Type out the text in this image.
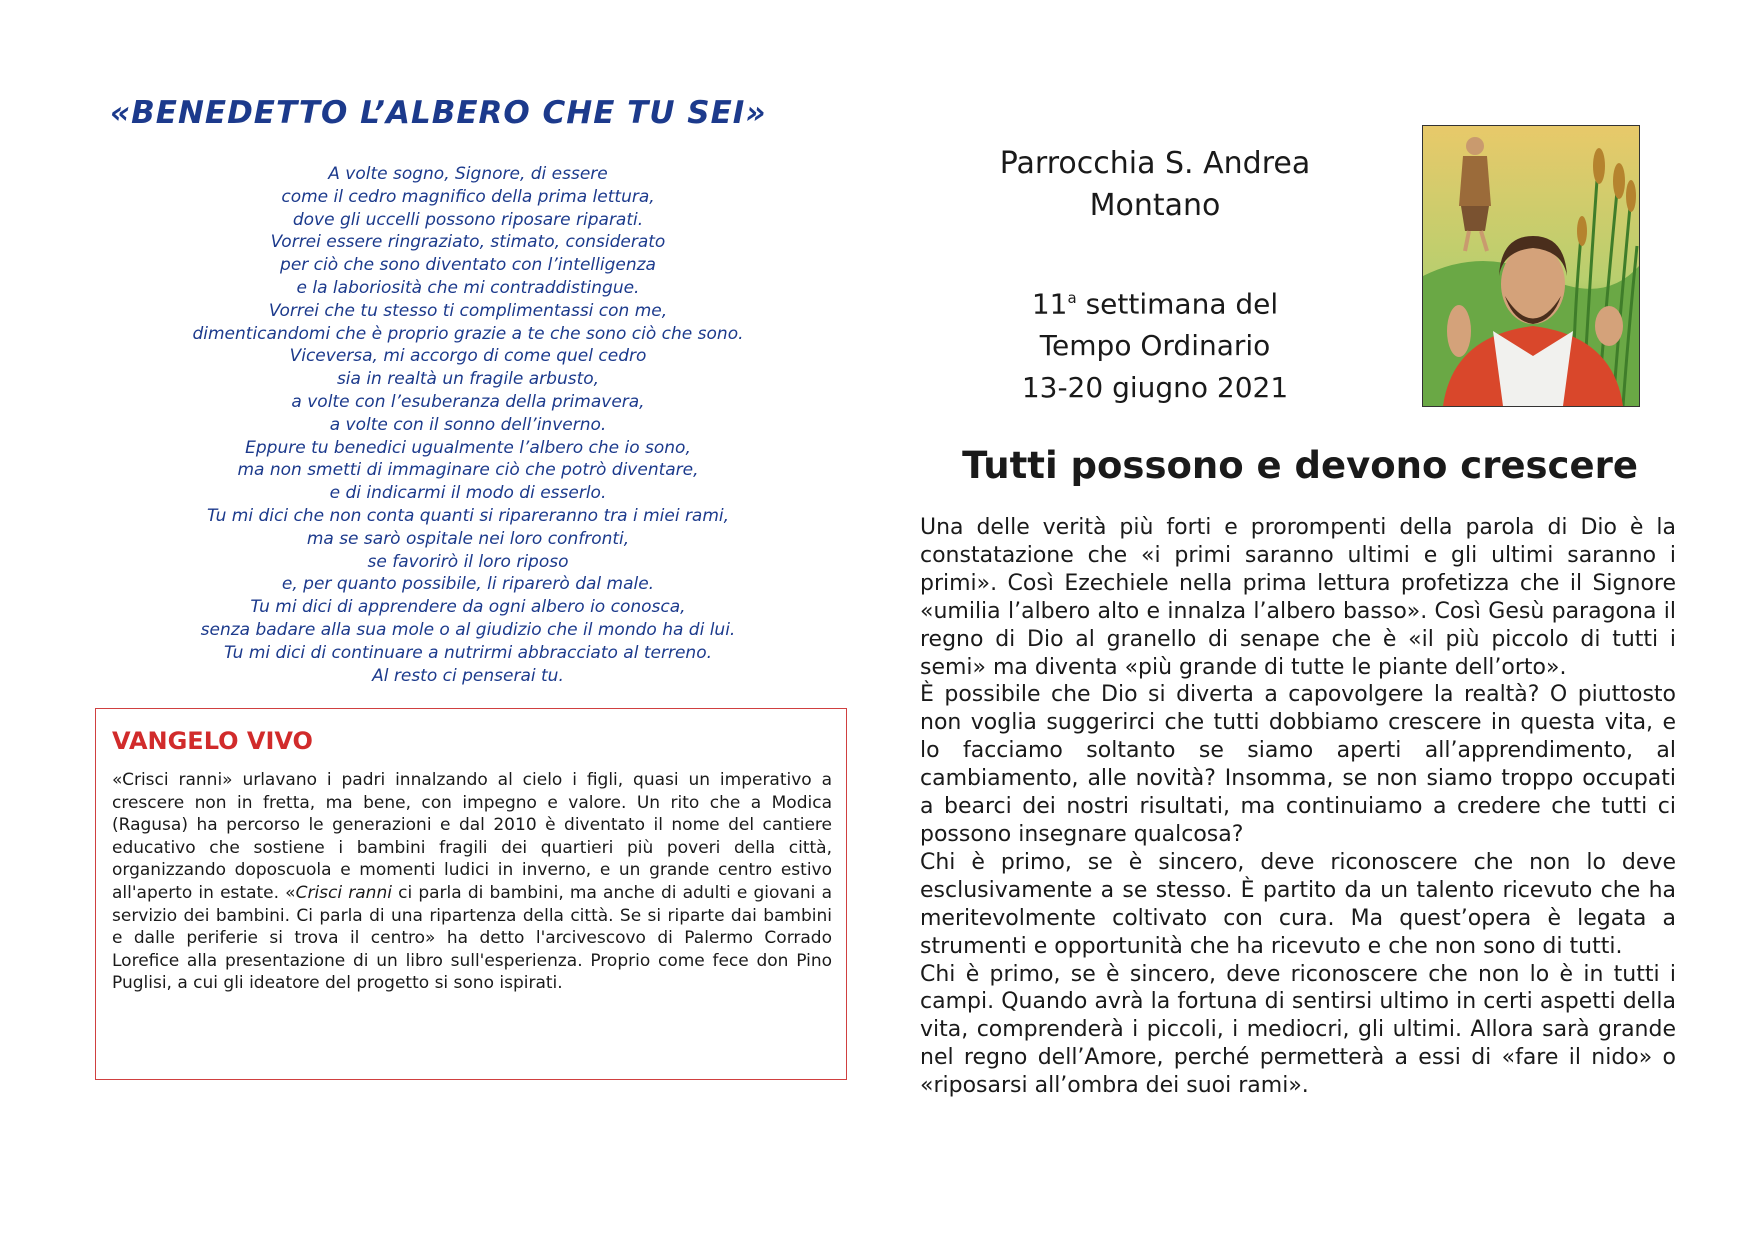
«BENEDETTO L’ALBERO CHE TU SEI»
A volte sogno, Signore, di essere
come il cedro magnifico della prima lettura,
dove gli uccelli possono riposare riparati.
Vorrei essere ringraziato, stimato, considerato
per ciò che sono diventato con l’intelligenza
e la laboriosità che mi contraddistingue.
Vorrei che tu stesso ti complimentassi con me,
dimenticandomi che è proprio grazie a te che sono ciò che sono.
Viceversa, mi accorgo di come quel cedro
sia in realtà un fragile arbusto,
a volte con l’esuberanza della primavera,
a volte con il sonno dell’inverno.
Eppure tu benedici ugualmente l’albero che io sono,
ma non smetti di immaginare ciò che potrò diventare,
e di indicarmi il modo di esserlo.
Tu mi dici che non conta quanti si ripareranno tra i miei rami,
ma se sarò ospitale nei loro confronti,
se favorirò il loro riposo
e, per quanto possibile, li riparerò dal male.
Tu mi dici di apprendere da ogni albero io conosca,
senza badare alla sua mole o al giudizio che il mondo ha di lui.
Tu mi dici di continuare a nutrirmi abbracciato al terreno.
Al resto ci penserai tu.
VANGELO VIVO
«Crisci ranni» urlavano i padri innalzando al cielo i figli, quasi un imperativo a crescere non in fretta, ma bene, con impegno e valore. Un rito che a Modica (Ragusa) ha percorso le generazioni e dal 2010 è diventato il nome del cantiere educativo che sostiene i bambini fragili dei quartieri più poveri della città, organizzando doposcuola e momenti ludici in inverno, e un grande centro estivo all'aperto in estate. «Crisci ranni ci parla di bambini, ma anche di adulti e giovani a servizio dei bambini. Ci parla di una ripartenza della città. Se si riparte dai bambini e dalle periferie si trova il centro» ha detto l'arcivescovo di Palermo Corrado Lorefice alla presentazione di un libro sull'esperienza. Proprio come fece don Pino Puglisi, a cui gli ideatore del progetto si sono ispirati.
Parrocchia S. Andrea
Montano
11$^a$ settimana del
Tempo Ordinario
13-20 giugno 2021
Tutti possono e devono crescere

Una delle verità più forti e prorompenti della parola di Dio è la constatazione che «i primi saranno ultimi e gli ultimi saranno i primi». Così Ezechiele nella prima lettura profetizza che il Signore «umilia l’albero alto e innalza l’albero basso». Così Gesù paragona il regno di Dio al granello di senape che è «il più piccolo di tutti i semi» ma diventa «più grande di tutte le piante dell’orto».

È possibile che Dio si diverta a capovolgere la realtà? O piuttosto non voglia suggerirci che tutti dobbiamo crescere in questa vita, e lo facciamo soltanto se siamo aperti all’apprendimento, al cambiamento, alle novità? Insomma, se non siamo troppo occupati a bearci dei nostri risultati, ma continuiamo a credere che tutti ci possono insegnare qualcosa?

Chi è primo, se è sincero, deve riconoscere che non lo deve esclusivamente a se stesso. È partito da un talento ricevuto che ha meritevolmente coltivato con cura. Ma quest’opera è legata a strumenti e opportunità che ha ricevuto e che non sono di tutti.

Chi è primo, se è sincero, deve riconoscere che non lo è in tutti i campi. Quando avrà la fortuna di sentirsi ultimo in certi aspetti della vita, comprenderà i piccoli, i mediocri, gli ultimi. Allora sarà grande nel regno dell’Amore, perché permetterà a essi di «fare il nido» o «riposarsi all’ombra dei suoi rami».
